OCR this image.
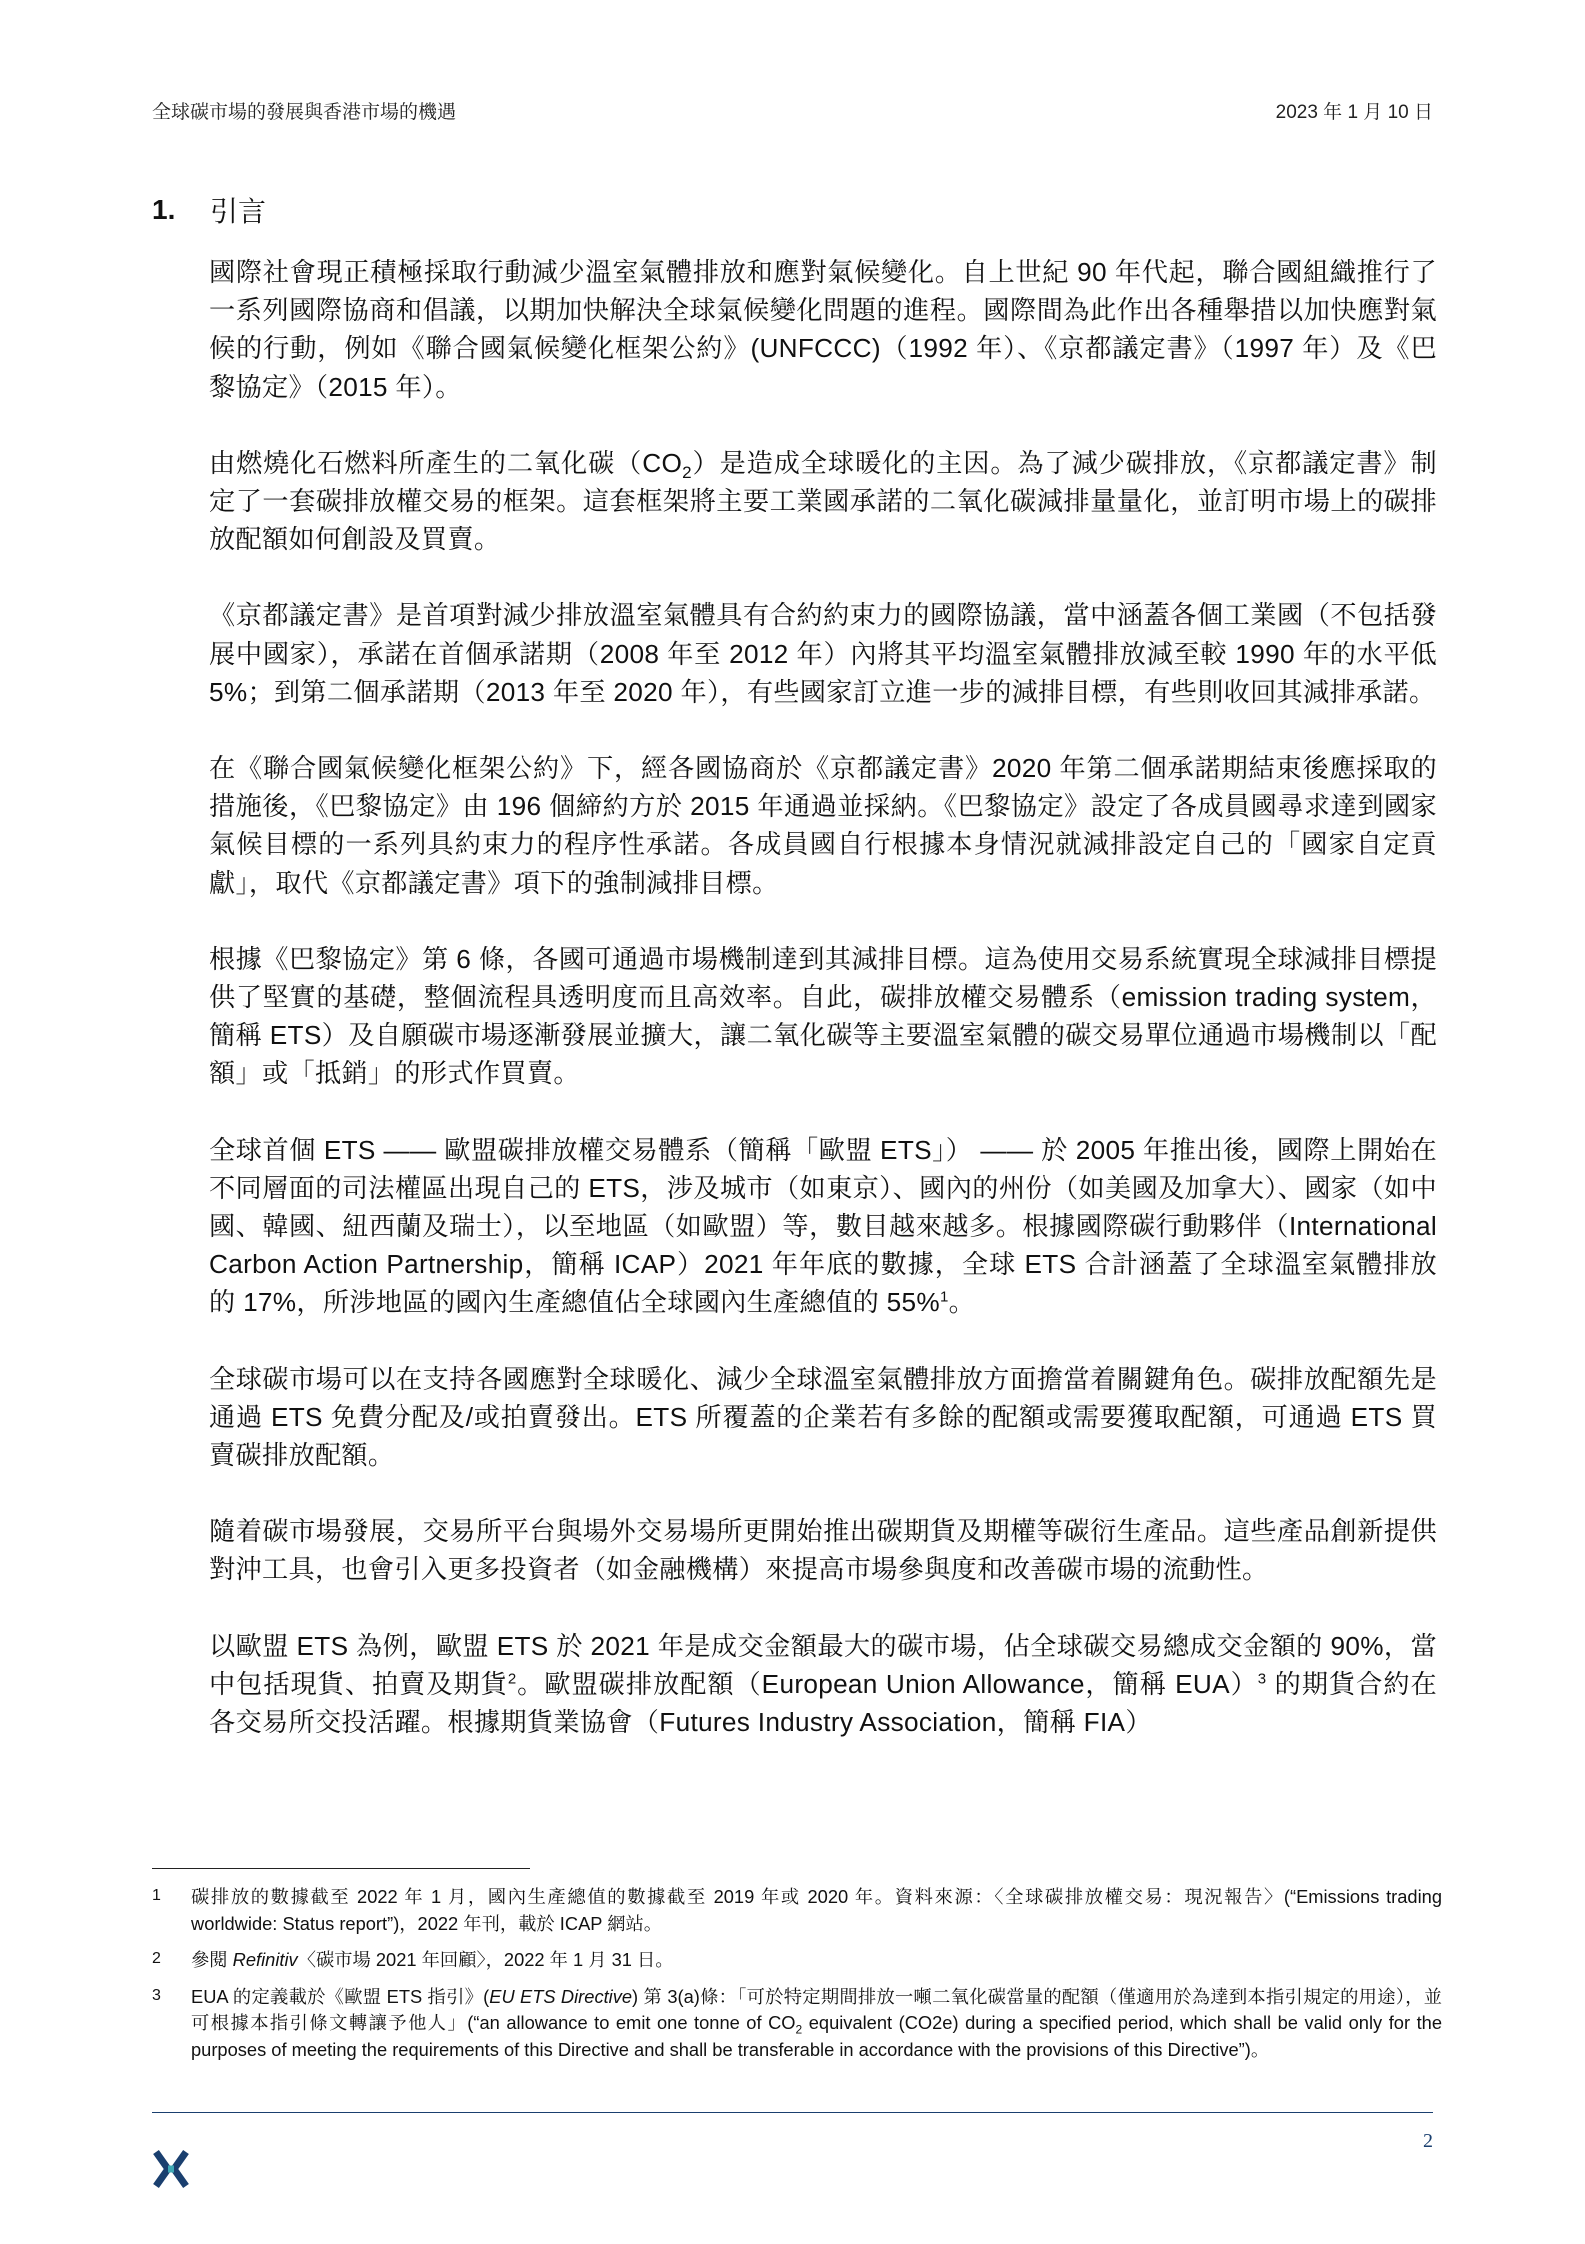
全球碳市場的發展與香港市場的機遇	2023 年 1 月 10 日
1.	引言

國際社會現正積極採取行動減少溫室氣體排放和應對氣候變化。自上世紀 90 年代起，聯合國組織推行了一系列國際協商和倡議，以期加快解決全球氣候變化問題的進程。國際間為此作出各種舉措以加快應對氣候的行動，例如《聯合國氣候變化框架公約》(UNFCCC)（1992 年）、《京都議定書》（1997 年）及《巴黎協定》（2015 年）。

由燃燒化石燃料所產生的二氧化碳$(CO_2)$是造成全球暖化的主因。為了減少碳排放，《京都議定書》制定了一套碳排放權交易的框架。這套框架將主要工業國承諾的二氧化碳減排量量化，並訂明市場上的碳排放配額如何創設及買賣。

《京都議定書》是首項對減少排放溫室氣體具有合約約束力的國際協議，當中涵蓋各個工業國（不包括發展中國家），承諾在首個承諾期（2008 年至 2012 年）內將其平均溫室氣體排放減至較 1990 年的水平低 5%；到第二個承諾期（2013 年至 2020 年），有些國家訂立進一步的減排目標，有些則收回其減排承諾。

在《聯合國氣候變化框架公約》下，經各國協商於《京都議定書》2020 年第二個承諾期結束後應採取的措施後，《巴黎協定》由 196 個締約方於 2015 年通過並採納。《巴黎協定》設定了各成員國尋求達到國家氣候目標的一系列具約束力的程序性承諾。各成員國自行根據本身情況就減排設定自己的「國家自定貢獻」，取代《京都議定書》項下的強制減排目標。

根據《巴黎協定》第 6 條，各國可通過市場機制達到其減排目標。這為使用交易系統實現全球減排目標提供了堅實的基礎，整個流程具透明度而且高效率。自此，碳排放權交易體系（emission trading system，簡稱 ETS）及自願碳市場逐漸發展並擴大，讓二氧化碳等主要溫室氣體的碳交易單位通過市場機制以「配額」或「抵銷」的形式作買賣。

全球首個 ETS —— 歐盟碳排放權交易體系（簡稱「歐盟 ETS」） —— 於 2005 年推出後，國際上開始在不同層面的司法權區出現自己的 ETS，涉及城市（如東京）、國內的州份（如美國及加拿大）、國家（如中國、韓國、紐西蘭及瑞士），以至地區（如歐盟）等，數目越來越多。根據國際碳行動夥伴（International Carbon Action Partnership，簡稱 ICAP）2021 年年底的數據，全球 ETS 合計涵蓋了全球溫室氣體排放的 17%，所涉地區的國內生產總值佔全球國內生產總值的 55%$^1$。

全球碳市場可以在支持各國應對全球暖化、減少全球溫室氣體排放方面擔當着關鍵角色。碳排放配額先是通過 ETS 免費分配及/或拍賣發出。ETS 所覆蓋的企業若有多餘的配額或需要獲取配額，可通過 ETS 買賣碳排放配額。

隨着碳市場發展，交易所平台與場外交易場所更開始推出碳期貨及期權等碳衍生產品。這些產品創新提供對沖工具，也會引入更多投資者（如金融機構）來提高市場參與度和改善碳市場的流動性。

以歐盟 ETS 為例，歐盟 ETS 於 2021 年是成交金額最大的碳市場，佔全球碳交易總成交金額的 90%，當中包括現貨、拍賣及期貨$^2$。歐盟碳排放配額（European Union Allowance，簡稱 EUA）$^3$ 的期貨合約在各交易所交投活躍。根據期貨業協會（Futures Industry Association，簡稱 FIA）

1	碳排放的數據截至 2022 年 1 月，國內生產總值的數據截至 2019 年或 2020 年。資料來源：〈全球碳排放權交易：現況報告〉(“Emissions trading worldwide: Status report”)，2022 年刊，載於 ICAP 網站。
2	參閱 Refinitiv〈碳市場 2021 年回顧〉，2022 年 1 月 31 日。
3	EUA 的定義載於《歐盟 ETS 指引》(EU ETS Directive) 第 3(a)條：「可於特定期間排放一噸二氧化碳當量的配額（僅適用於為達到本指引規定的用途），並可根據本指引條文轉讓予他人」(“an allowance to emit one tonne of $CO_2$ equivalent (CO2e) during a specified period, which shall be valid only for the purposes of meeting the requirements of this Directive and shall be transferable in accordance with the provisions of this Directive”)。
2
